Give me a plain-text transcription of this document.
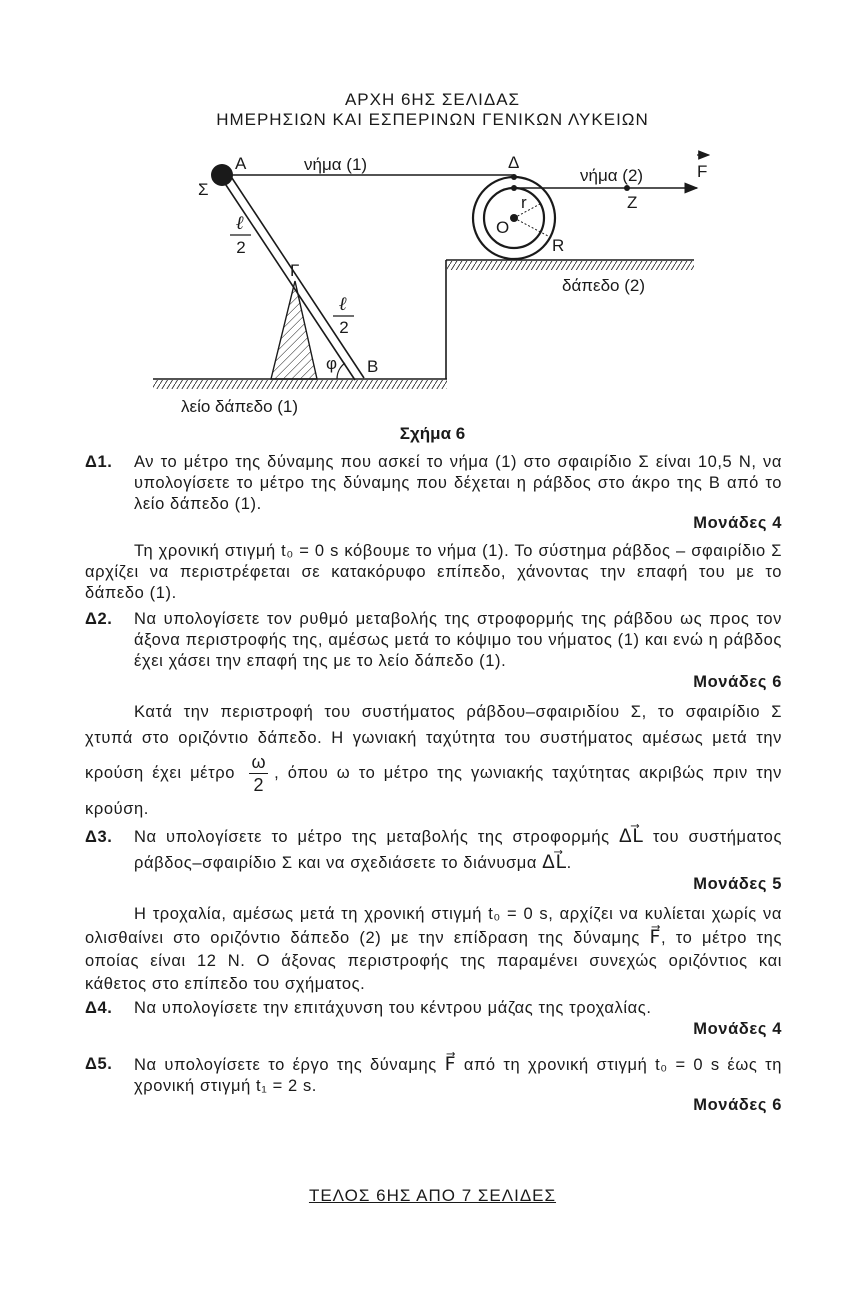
ΑΡΧΗ 6ΗΣ ΣΕΛΙΔΑΣ
ΗΜΕΡΗΣΙΩΝ ΚΑΙ ΕΣΠΕΡΙΝΩΝ ΓΕΝΙΚΩΝ ΛΥΚΕΙΩΝ
Α
Σ
νήμα (1)	Δ
νήμα (2)	F
Z
r
O
R
δάπεδο (2)
Γ
φ B
λείο δάπεδο (1)
ℓ
ℓ
2
2
Σχήμα 6
Δ1. Αν το μέτρο της δύναμης που ασκεί το νήμα (1) στο σφαιρίδιο Σ είναι 10,5 Ν, να υπολογίσετε το μέτρο της δύναμης που δέχεται η ράβδος στο άκρο της Β από το λείο δάπεδο (1).
Μονάδες 4
Τη χρονική στιγμή t₀ = 0 s κόβουμε το νήμα (1). Το σύστημα ράβδος – σφαιρίδιο Σ αρχίζει να περιστρέφεται σε κατακόρυφο επίπεδο, χάνοντας την επαφή του με το δάπεδο (1).
Δ2. Να υπολογίσετε τον ρυθμό μεταβολής της στροφορμής της ράβδου ως προς τον άξονα περιστροφής της, αμέσως μετά το κόψιμο του νήματος (1) και ενώ η ράβδος έχει χάσει την επαφή της με το λείο δάπεδο (1).
Μονάδες 6
Κατά την περιστροφή του συστήματος ράβδου–σφαιριδίου Σ, το σφαιρίδιο Σ χτυπά στο οριζόντιο δάπεδο. Η γωνιακή ταχύτητα του συστήματος αμέσως μετά την κρούση έχει μέτρο $\frac{\omega}{2}$ , όπου ω το μέτρο της γωνιακής ταχύτητας ακριβώς πριν την κρούση.
Δ3. Να υπολογίσετε το μέτρο της μεταβολής της στροφορμής ΔL⃗ του συστήματος ράβδος–σφαιρίδιο Σ και να σχεδιάσετε το διάνυσμα ΔL⃗.
Μονάδες 5
Η τροχαλία, αμέσως μετά τη χρονική στιγμή t₀ = 0 s, αρχίζει να κυλίεται χωρίς να ολισθαίνει στο οριζόντιο δάπεδο (2) με την επίδραση της δύναμης F⃗, το μέτρο της οποίας είναι 12 Ν. Ο άξονας περιστροφής της παραμένει συνεχώς οριζόντιος και κάθετος στο επίπεδο του σχήματος.
Δ4. Να υπολογίσετε την επιτάχυνση του κέντρου μάζας της τροχαλίας.
Μονάδες 4
Δ5. Να υπολογίσετε το έργο της δύναμης F⃗ από τη χρονική στιγμή t₀ = 0 s έως τη χρονική στιγμή t₁ = 2 s.
Μονάδες 6
ΤΕΛΟΣ 6ΗΣ ΑΠΟ 7 ΣΕΛΙΔΕΣ
